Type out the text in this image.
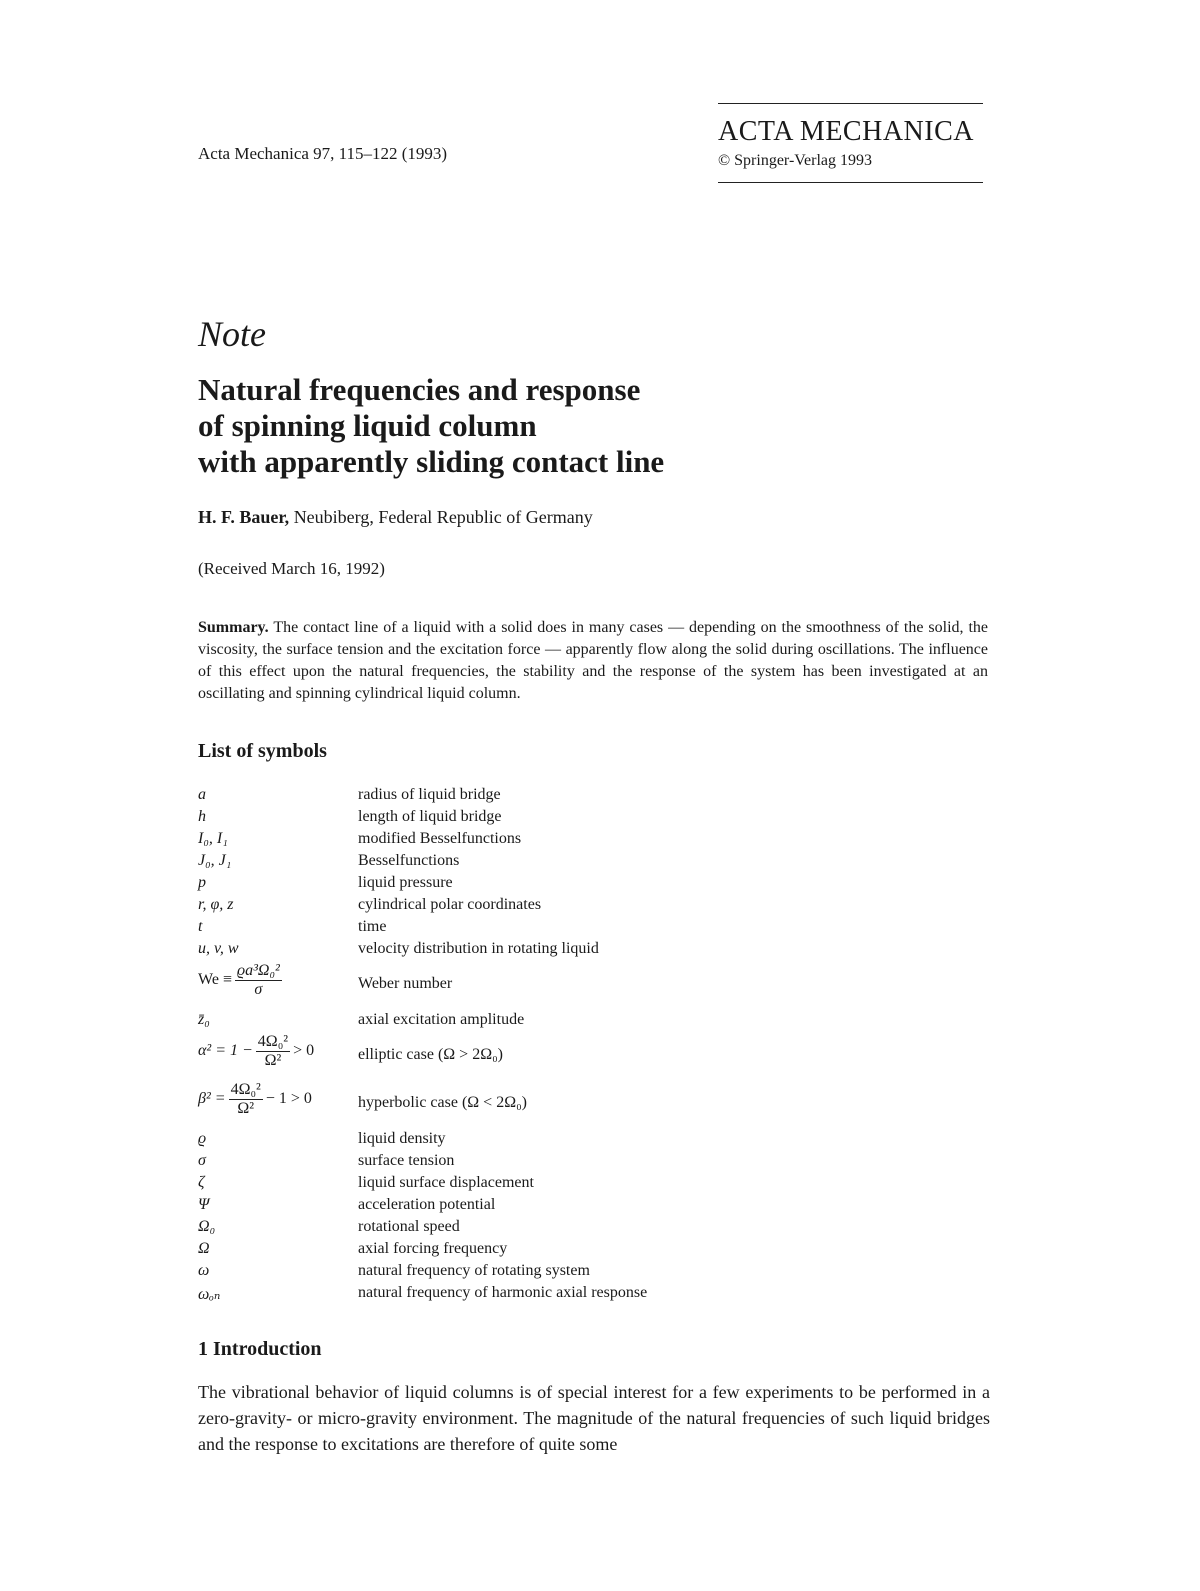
Acta Mechanica 97, 115–122 (1993)
ACTA MECHANICA
© Springer-Verlag 1993
Note
Natural frequencies and response
of spinning liquid column
with apparently sliding contact line
H. F. Bauer, Neubiberg, Federal Republic of Germany
(Received March 16, 1992)
Summary. The contact line of a liquid with a solid does in many cases — depending on the smoothness of the solid, the viscosity, the surface tension and the excitation force — apparently flow along the solid during oscillations. The influence of this effect upon the natural frequencies, the stability and the response of the system has been investigated at an oscillating and spinning cylindrical liquid column.
List of symbols
a	radius of liquid bridge
h	length of liquid bridge
I₀, I₁	modified Besselfunctions
J₀, J₁	Besselfunctions
p	liquid pressure
r, φ, z	cylindrical polar coordinates
t	time
u, v, w	velocity distribution in rotating liquid
$We \equiv \frac{\text{ϱa³Ω₀²}}{\sigma}$	Weber number
z̄₀	axial excitation amplitude
$\alpha^2 = 1 - \frac{\text{4Ω₀²}}{\text{Ω²}} > 0$	elliptic case (Ω > 2Ω₀)
$\beta^2 = \frac{\text{4Ω₀²}}{\text{Ω²}} - 1 > 0$	hyperbolic case (Ω < 2Ω₀)
ϱ	liquid density
σ	surface tension
ζ	liquid surface displacement
Ψ	acceleration potential
Ω₀	rotational speed
Ω	axial forcing frequency
ω	natural frequency of rotating system
ωₒₙ	natural frequency of harmonic axial response
1 Introduction
The vibrational behavior of liquid columns is of special interest for a few experiments to be performed in a zero-gravity- or micro-gravity environment. The magnitude of the natural frequencies of such liquid bridges and the response to excitations are therefore of quite some
